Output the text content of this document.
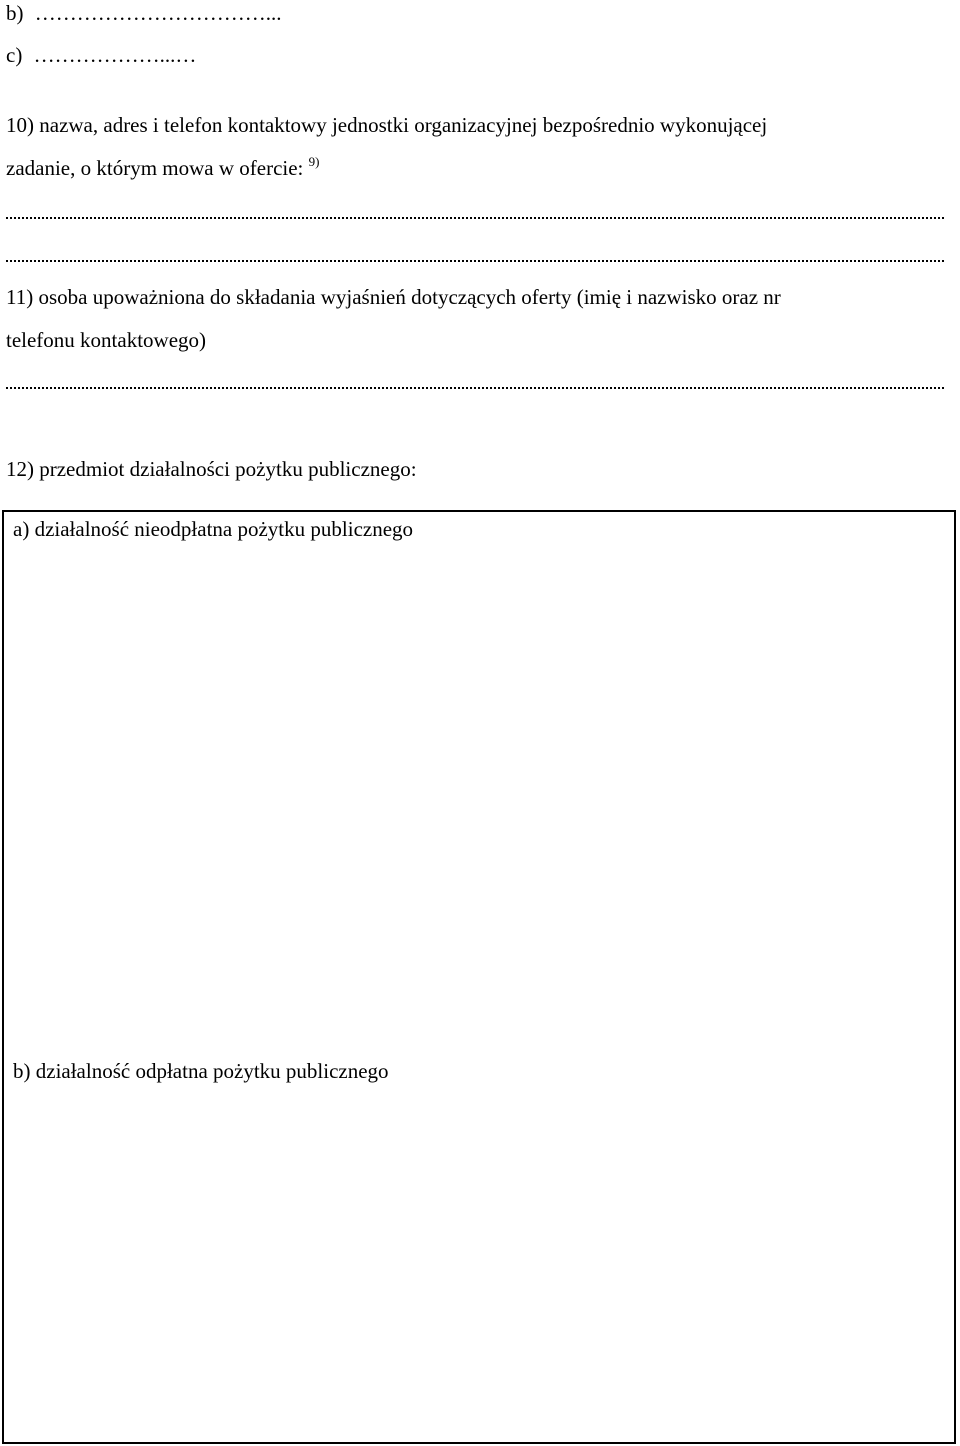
b) ……………………………...
c) ………………...…
10) nazwa, adres i telefon kontaktowy jednostki organizacyjnej bezpośrednio wykonującej
zadanie, o którym mowa w ofercie: $^{9)}$
11) osoba upoważniona do składania wyjaśnień dotyczących oferty (imię i nazwisko oraz nr
telefonu kontaktowego)
12) przedmiot działalności pożytku publicznego:
a) działalność nieodpłatna pożytku publicznego
b) działalność odpłatna pożytku publicznego
